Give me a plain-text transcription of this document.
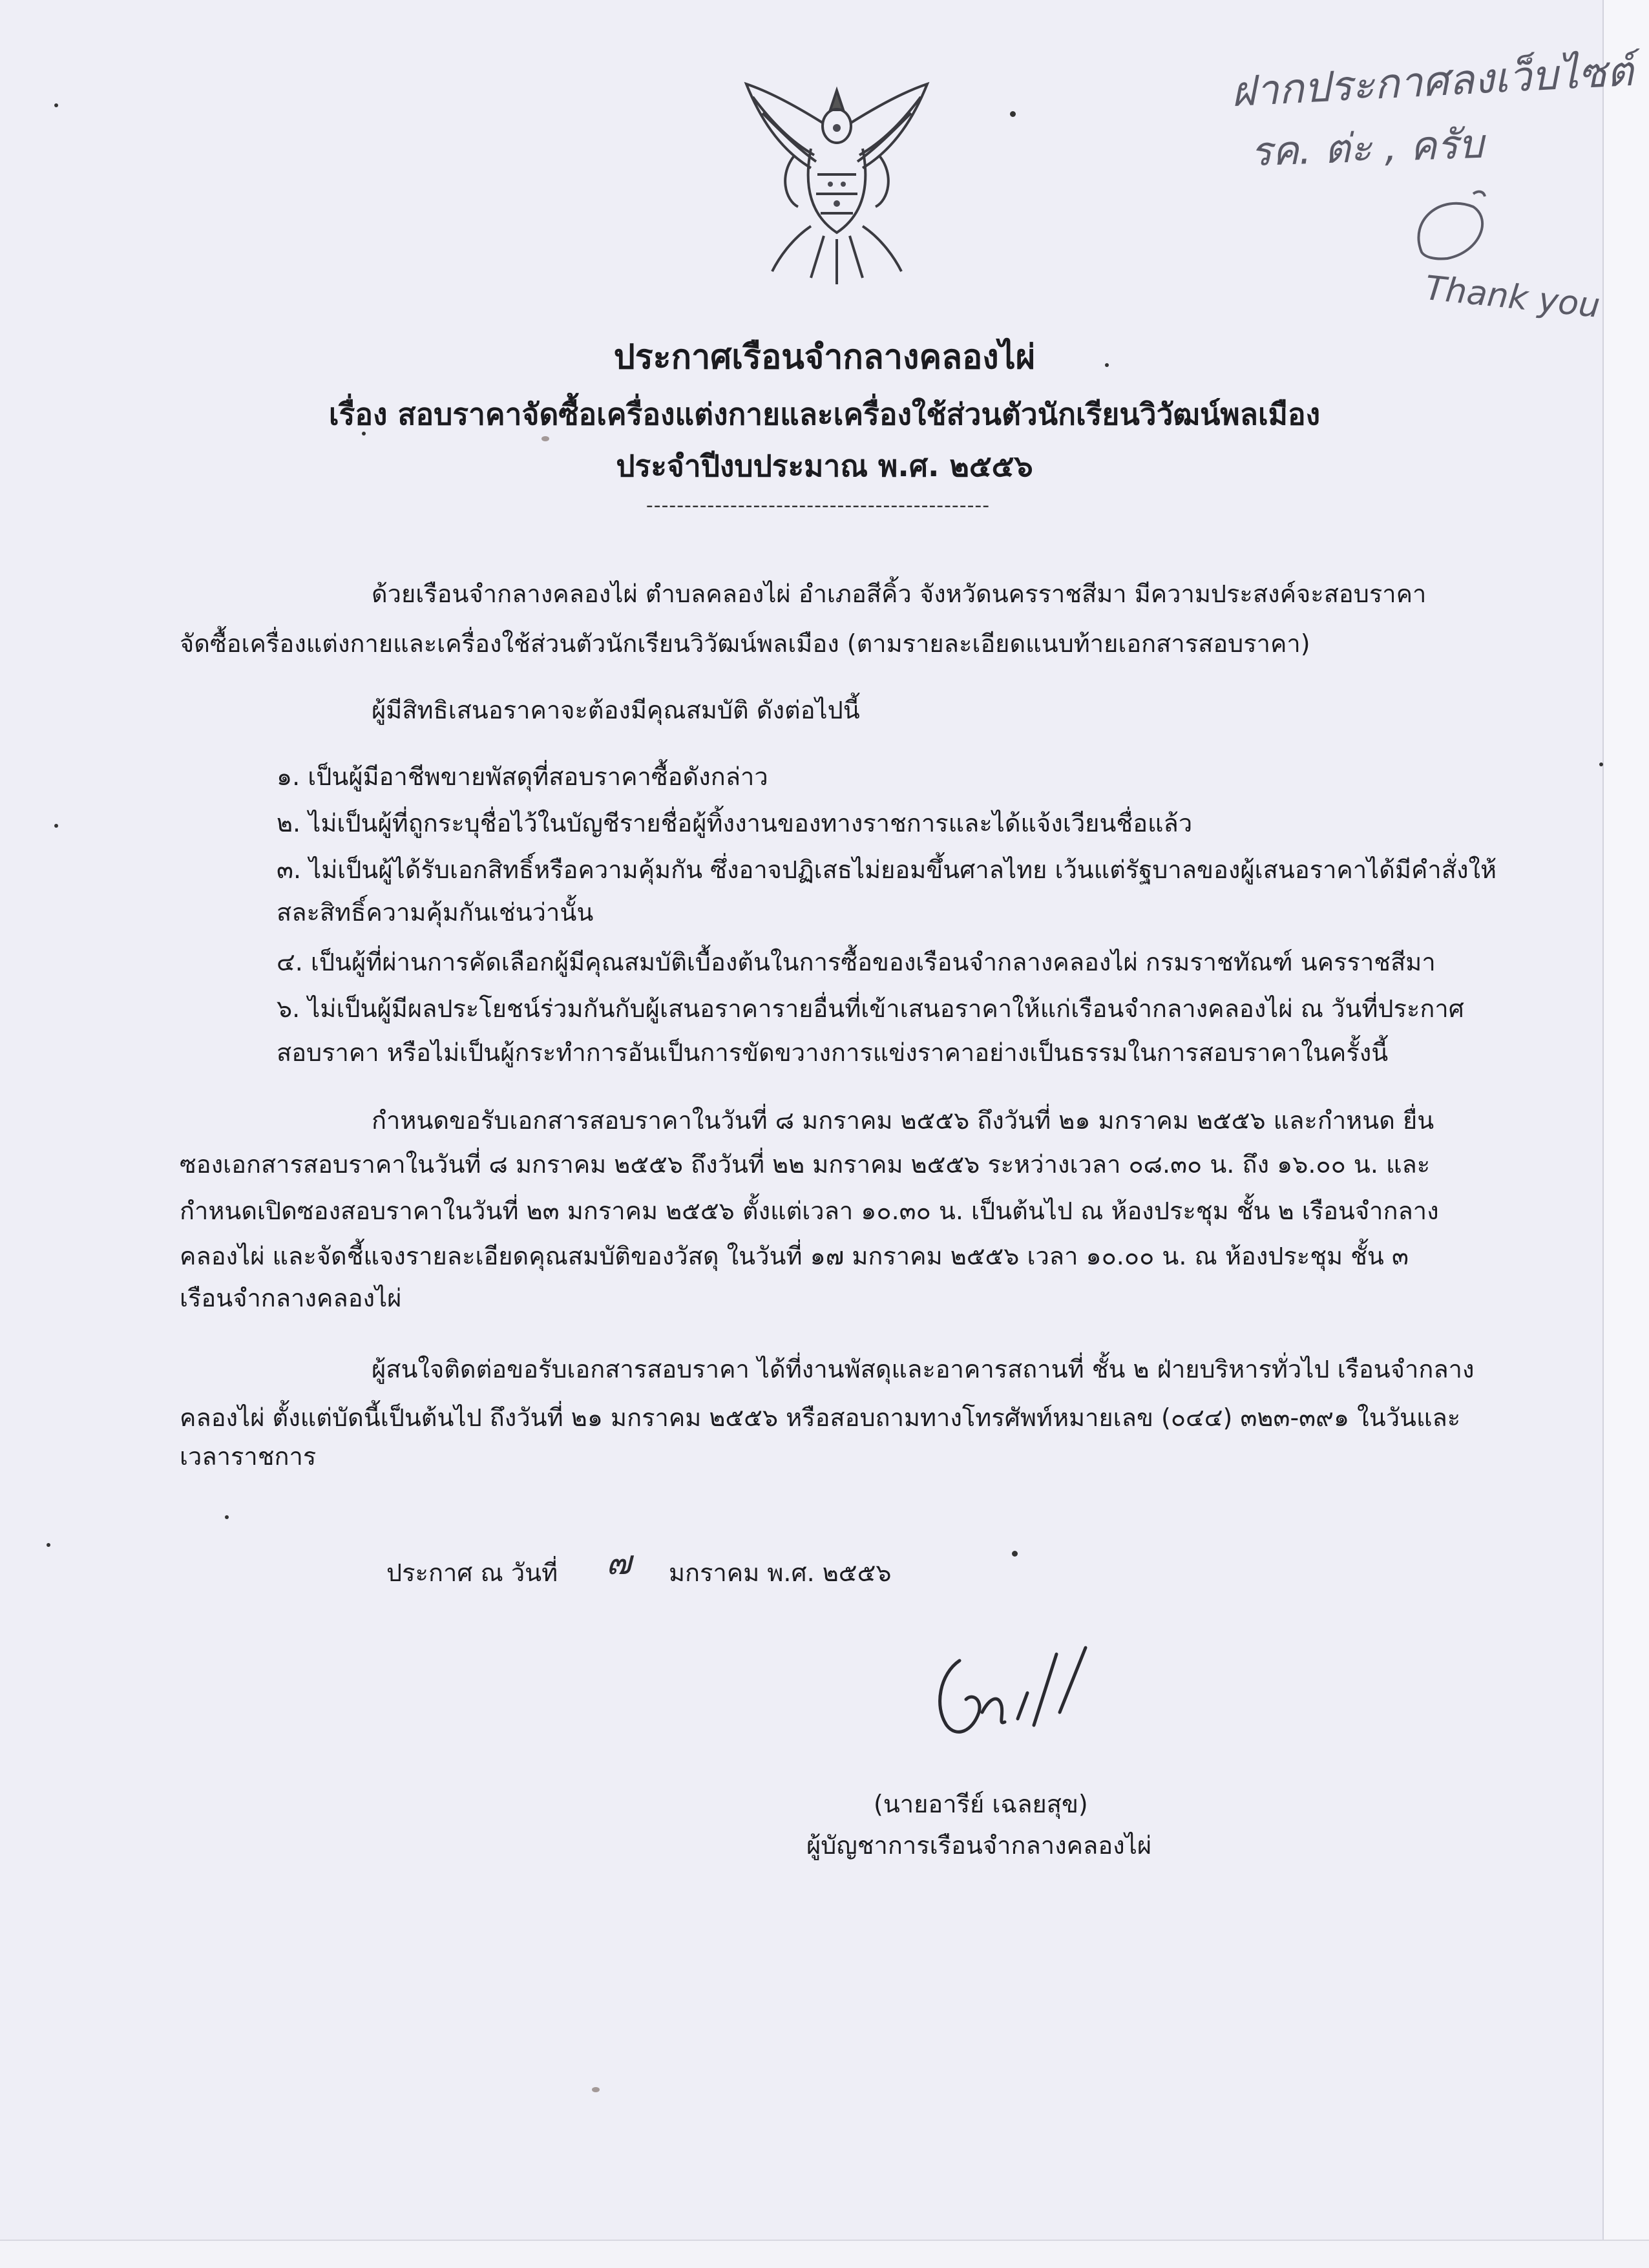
ฝากประกาศลงเว็บไซต์
รค. ต่ะ , ครับ
Thank you
ประกาศเรือนจำกลางคลองไผ่
เรื่อง สอบราคาจัดซื้อเครื่องแต่งกายและเครื่องใช้ส่วนตัวนักเรียนวิวัฒน์พลเมือง
ประจำปีงบประมาณ พ.ศ. ๒๕๕๖
---------------------------------------------
ด้วยเรือนจำกลางคลองไผ่ ตำบลคลองไผ่ อำเภอสีคิ้ว จังหวัดนครราชสีมา มีความประสงค์จะสอบราคา
จัดซื้อเครื่องแต่งกายและเครื่องใช้ส่วนตัวนักเรียนวิวัฒน์พลเมือง (ตามรายละเอียดแนบท้ายเอกสารสอบราคา)
ผู้มีสิทธิเสนอราคาจะต้องมีคุณสมบัติ ดังต่อไปนี้
๑. เป็นผู้มีอาชีพขายพัสดุที่สอบราคาซื้อดังกล่าว
๒. ไม่เป็นผู้ที่ถูกระบุชื่อไว้ในบัญชีรายชื่อผู้ทิ้งงานของทางราชการและได้แจ้งเวียนชื่อแล้ว
๓. ไม่เป็นผู้ได้รับเอกสิทธิ์หรือความคุ้มกัน ซึ่งอาจปฏิเสธไม่ยอมขึ้นศาลไทย เว้นแต่รัฐบาลของผู้เสนอราคาได้มีคำสั่งให้
สละสิทธิ์ความคุ้มกันเช่นว่านั้น
๔. เป็นผู้ที่ผ่านการคัดเลือกผู้มีคุณสมบัติเบื้องต้นในการซื้อของเรือนจำกลางคลองไผ่ กรมราชทัณฑ์ นครราชสีมา
๖. ไม่เป็นผู้มีผลประโยชน์ร่วมกันกับผู้เสนอราคารายอื่นที่เข้าเสนอราคาให้แก่เรือนจำกลางคลองไผ่ ณ วันที่ประกาศ
สอบราคา หรือไม่เป็นผู้กระทำการอันเป็นการขัดขวางการแข่งราคาอย่างเป็นธรรมในการสอบราคาในครั้งนี้
กำหนดขอรับเอกสารสอบราคาในวันที่ ๘ มกราคม ๒๕๕๖ ถึงวันที่ ๒๑ มกราคม ๒๕๕๖ และกำหนด ยื่น
ซองเอกสารสอบราคาในวันที่ ๘ มกราคม ๒๕๕๖ ถึงวันที่ ๒๒ มกราคม ๒๕๕๖ ระหว่างเวลา ๐๘.๓๐ น. ถึง ๑๖.๐๐ น. และ
กำหนดเปิดซองสอบราคาในวันที่ ๒๓ มกราคม ๒๕๕๖ ตั้งแต่เวลา ๑๐.๓๐ น. เป็นต้นไป ณ ห้องประชุม ชั้น ๒ เรือนจำกลาง
คลองไผ่ และจัดชี้แจงรายละเอียดคุณสมบัติของวัสดุ ในวันที่ ๑๗ มกราคม ๒๕๕๖ เวลา ๑๐.๐๐ น. ณ ห้องประชุม ชั้น ๓
เรือนจำกลางคลองไผ่
ผู้สนใจติดต่อขอรับเอกสารสอบราคา ได้ที่งานพัสดุและอาคารสถานที่ ชั้น ๒ ฝ่ายบริหารทั่วไป เรือนจำกลาง
คลองไผ่ ตั้งแต่บัดนี้เป็นต้นไป ถึงวันที่ ๒๑ มกราคม ๒๕๕๖ หรือสอบถามทางโทรศัพท์หมายเลข (๐๔๔) ๓๒๓-๓๙๑ ในวันและ
เวลาราชการ
ประกาศ ณ วันที่ ๗ มกราคม พ.ศ. ๒๕๕๖
(นายอารีย์ เฉลยสุข)
ผู้บัญชาการเรือนจำกลางคลองไผ่
